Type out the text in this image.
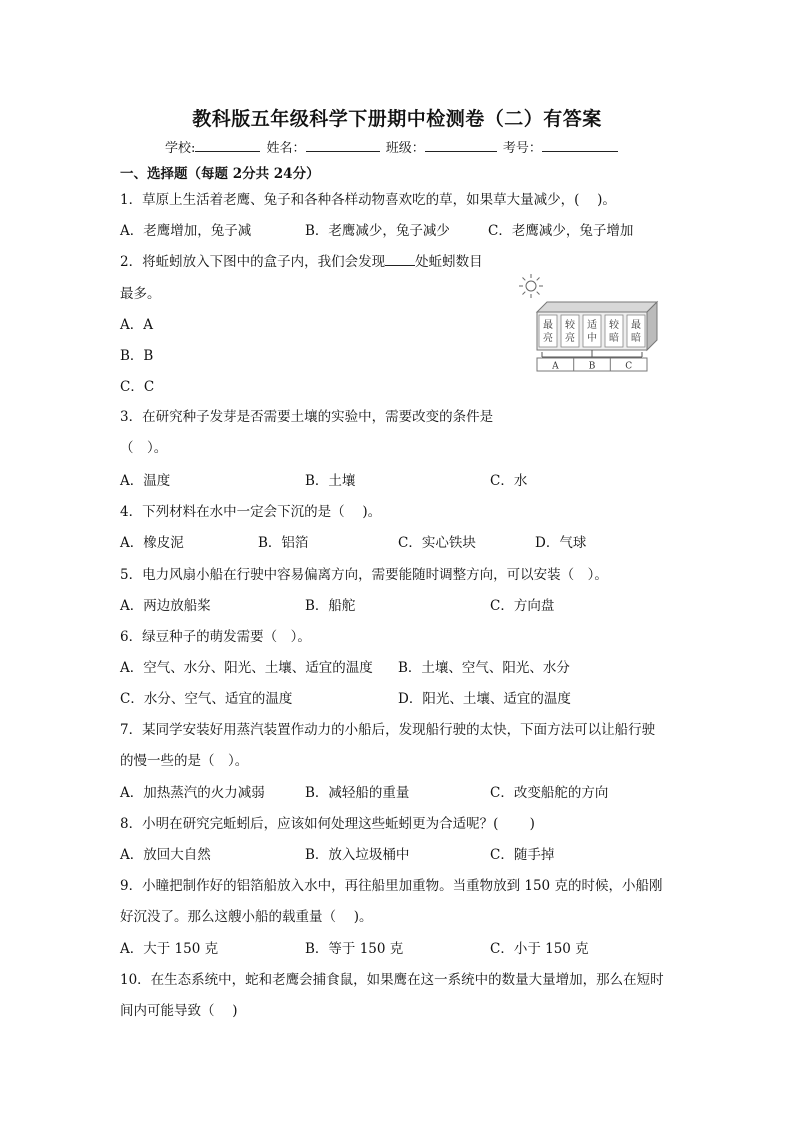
教科版五年级科学下册期中检测卷（二）有答案
学校:	姓名：	班级：	考号：
一、选择题（每题 2分共 24分）
1．草原上生活着老鹰、兔子和各种各样动物喜欢吃的草，如果草大量减少，(　 )。
A．老鹰增加，兔子减	B．老鹰减少，兔子减少	C．老鹰减少，兔子增加
2．将蚯蚓放入下图中的盒子内，我们会发现 处蚯蚓数目
最多。
A．A
B．B
C．C
最
亮
较
亮
适
中
较
暗
最
暗
A	B	C
3．在研究种子发芽是否需要土壤的实验中，需要改变的条件是
（　）。
A．温度	B．土壤	C．水
4．下列材料在水中一定会下沉的是（　 )。
A．橡皮泥	B．铝箔	C．实心铁块	D．气球
5．电力风扇小船在行驶中容易偏离方向，需要能随时调整方向，可以安装（　）。
A．两边放船桨	B．船舵	C．方向盘
6．绿豆种子的萌发需要（　）。
A．空气、水分、阳光、土壤、适宜的温度 B．土壤、空气、阳光、水分
C．水分、空气、适宜的温度	D．阳光、土壤、适宜的温度
7．某同学安装好用蒸汽装置作动力的小船后，发现船行驶的太快，下面方法可以让船行驶
的慢一些的是（　）。
A．加热蒸汽的火力减弱	B．减轻船的重量	C．改变船舵的方向
8．小明在研究完蚯蚓后，应该如何处理这些蚯蚓更为合适呢？(　　 )
A．放回大自然	B．放入垃圾桶中	C．随手掉
9．小瞳把制作好的铝箔船放入水中，再往船里加重物。当重物放到 150 克的时候，小船刚
好沉没了。那么这艘小船的载重量（　 )。
A．大于 150 克	B．等于 150 克	C．小于 150 克
10．在生态系统中，蛇和老鹰会捕食鼠，如果鹰在这一系统中的数量大量增加，那么在短时
间内可能导致（　 )
